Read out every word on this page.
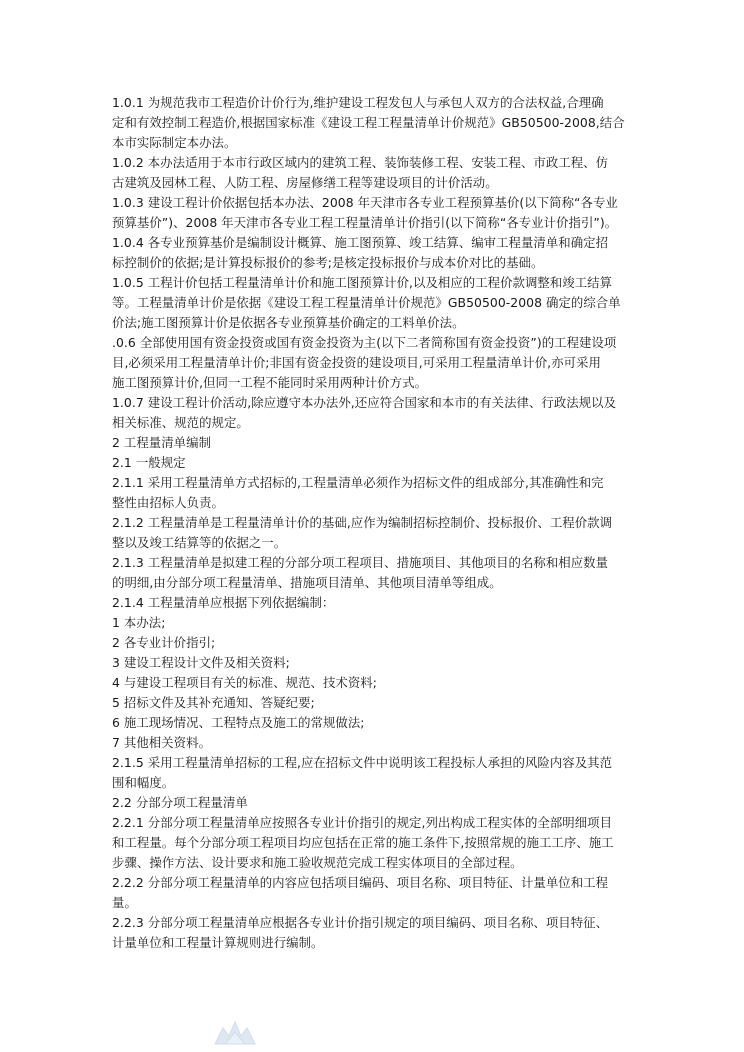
1.0.1 为规范我市工程造价计价行为,维护建设工程发包人与承包人双方的合法权益,合理确
定和有效控制工程造价,根据国家标准《建设工程工程量清单计价规范》GB50500-2008,结合
本市实际制定本办法。
1.0.2 本办法适用于本市行政区域内的建筑工程、装饰装修工程、安装工程、市政工程、仿
古建筑及园林工程、人防工程、房屋修缮工程等建设项目的计价活动。
1.0.3 建设工程计价依据包括本办法、2008 年天津市各专业工程预算基价(以下简称“各专业
预算基价”)、2008 年天津市各专业工程工程量清单计价指引(以下简称“各专业计价指引”)。
1.0.4 各专业预算基价是编制设计概算、施工图预算、竣工结算、编审工程量清单和确定招
标控制价的依据;是计算投标报价的参考;是核定投标报价与成本价对比的基础。
1.0.5 工程计价包括工程量清单计价和施工图预算计价,以及相应的工程价款调整和竣工结算
等。工程量清单计价是依据《建设工程工程量清单计价规范》GB50500-2008 确定的综合单
价法;施工图预算计价是依据各专业预算基价确定的工料单价法。
.0.6 全部使用国有资金投资或国有资金投资为主(以下二者简称国有资金投资”)的工程建设项
目,必须采用工程量清单计价;非国有资金投资的建设项目,可采用工程量清单计价,亦可采用
施工图预算计价,但同一工程不能同时采用两种计价方式。
1.0.7 建设工程计价活动,除应遵守本办法外,还应符合国家和本市的有关法律、行政法规以及
相关标准、规范的规定。
2 工程量清单编制
2.1 一般规定
2.1.1 采用工程量清单方式招标的,工程量清单必须作为招标文件的组成部分,其准确性和完
整性由招标人负责。
2.1.2 工程量清单是工程量清单计价的基础,应作为编制招标控制价、投标报价、工程价款调
整以及竣工结算等的依据之一。
2.1.3 工程量清单是拟建工程的分部分项工程项目、措施项目、其他项目的名称和相应数量
的明细,由分部分项工程量清单、措施项目清单、其他项目清单等组成。
2.1.4 工程量清单应根据下列依据编制：
1 本办法;
2 各专业计价指引;
3 建设工程设计文件及相关资料;
4 与建设工程项目有关的标准、规范、技术资料;
5 招标文件及其补充通知、答疑纪要;
6 施工现场情况、工程特点及施工的常规做法;
7 其他相关资料。
2.1.5 采用工程量清单招标的工程,应在招标文件中说明该工程投标人承担的风险内容及其范
围和幅度。
2.2 分部分项工程量清单
2.2.1 分部分项工程量清单应按照各专业计价指引的规定,列出构成工程实体的全部明细项目
和工程量。每个分部分项工程项目均应包括在正常的施工条件下,按照常规的施工工序、施工
步骤、操作方法、设计要求和施工验收规范完成工程实体项目的全部过程。
2.2.2 分部分项工程量清单的内容应包括项目编码、项目名称、项目特征、计量单位和工程
量。
2.2.3 分部分项工程量清单应根据各专业计价指引规定的项目编码、项目名称、项目特征、
计量单位和工程量计算规则进行编制。
